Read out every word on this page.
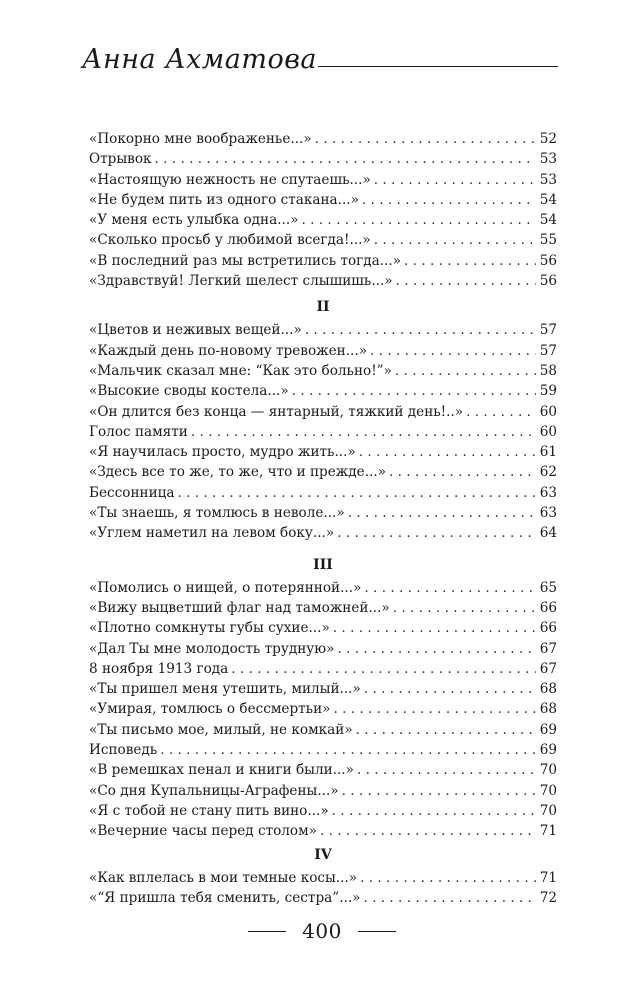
Анна Ахматова
«Покорно мне воображенье...» . . .	52
Отрывок . . .	53
«Настоящую нежность не спутаешь...» . . .	53
«Не будем пить из одного стакана...» . . .	54
«У меня есть улыбка одна...» . . .	54
«Сколько просьб у любимой всегда!...» . . .	55
«В последний раз мы встретились тогда...» . . .	56
«Здравствуй! Легкий шелест слышишь...» . . .	56
II
«Цветов и неживых вещей...» . . .	57
«Каждый день по-новому тревожен...» . . .	57
«Мальчик сказал мне: “Как это больно!”» . . .	58
«Высокие своды костела...» . . .	59
«Он длится без конца — янтарный, тяжкий день!..» . . .	60
Голос памяти . . .	60
«Я научилась просто, мудро жить...» . . .	61
«Здесь все то же, то же, что и прежде...» . . .	62
Бессонница . . .	63
«Ты знаешь, я томлюсь в неволе...» . . .	63
«Углем наметил на левом боку...» . . .	64
III
«Помолись о нищей, о потерянной...» . . .	65
«Вижу выцветший флаг над таможней...» . . .	66
«Плотно сомкнуты губы сухие...» . . .	66
«Дал Ты мне молодость трудную» . . .	67
8 ноября 1913 года . . .	67
«Ты пришел меня утешить, милый...» . . .	68
«Умирая, томлюсь о бессмертьи» . . .	68
«Ты письмо мое, милый, не комкай» . . .	69
Исповедь . . .	69
«В ремешках пенал и книги были...» . . .	70
«Со дня Купальницы-Аграфены...» . . .	70
«Я с тобой не стану пить вино...» . . .	70
«Вечерние часы перед столом» . . .	71
IV
«Как вплелась в мои темные косы...» . . .	71
«“Я пришла тебя сменить, сестра”...» . . .	72
400
